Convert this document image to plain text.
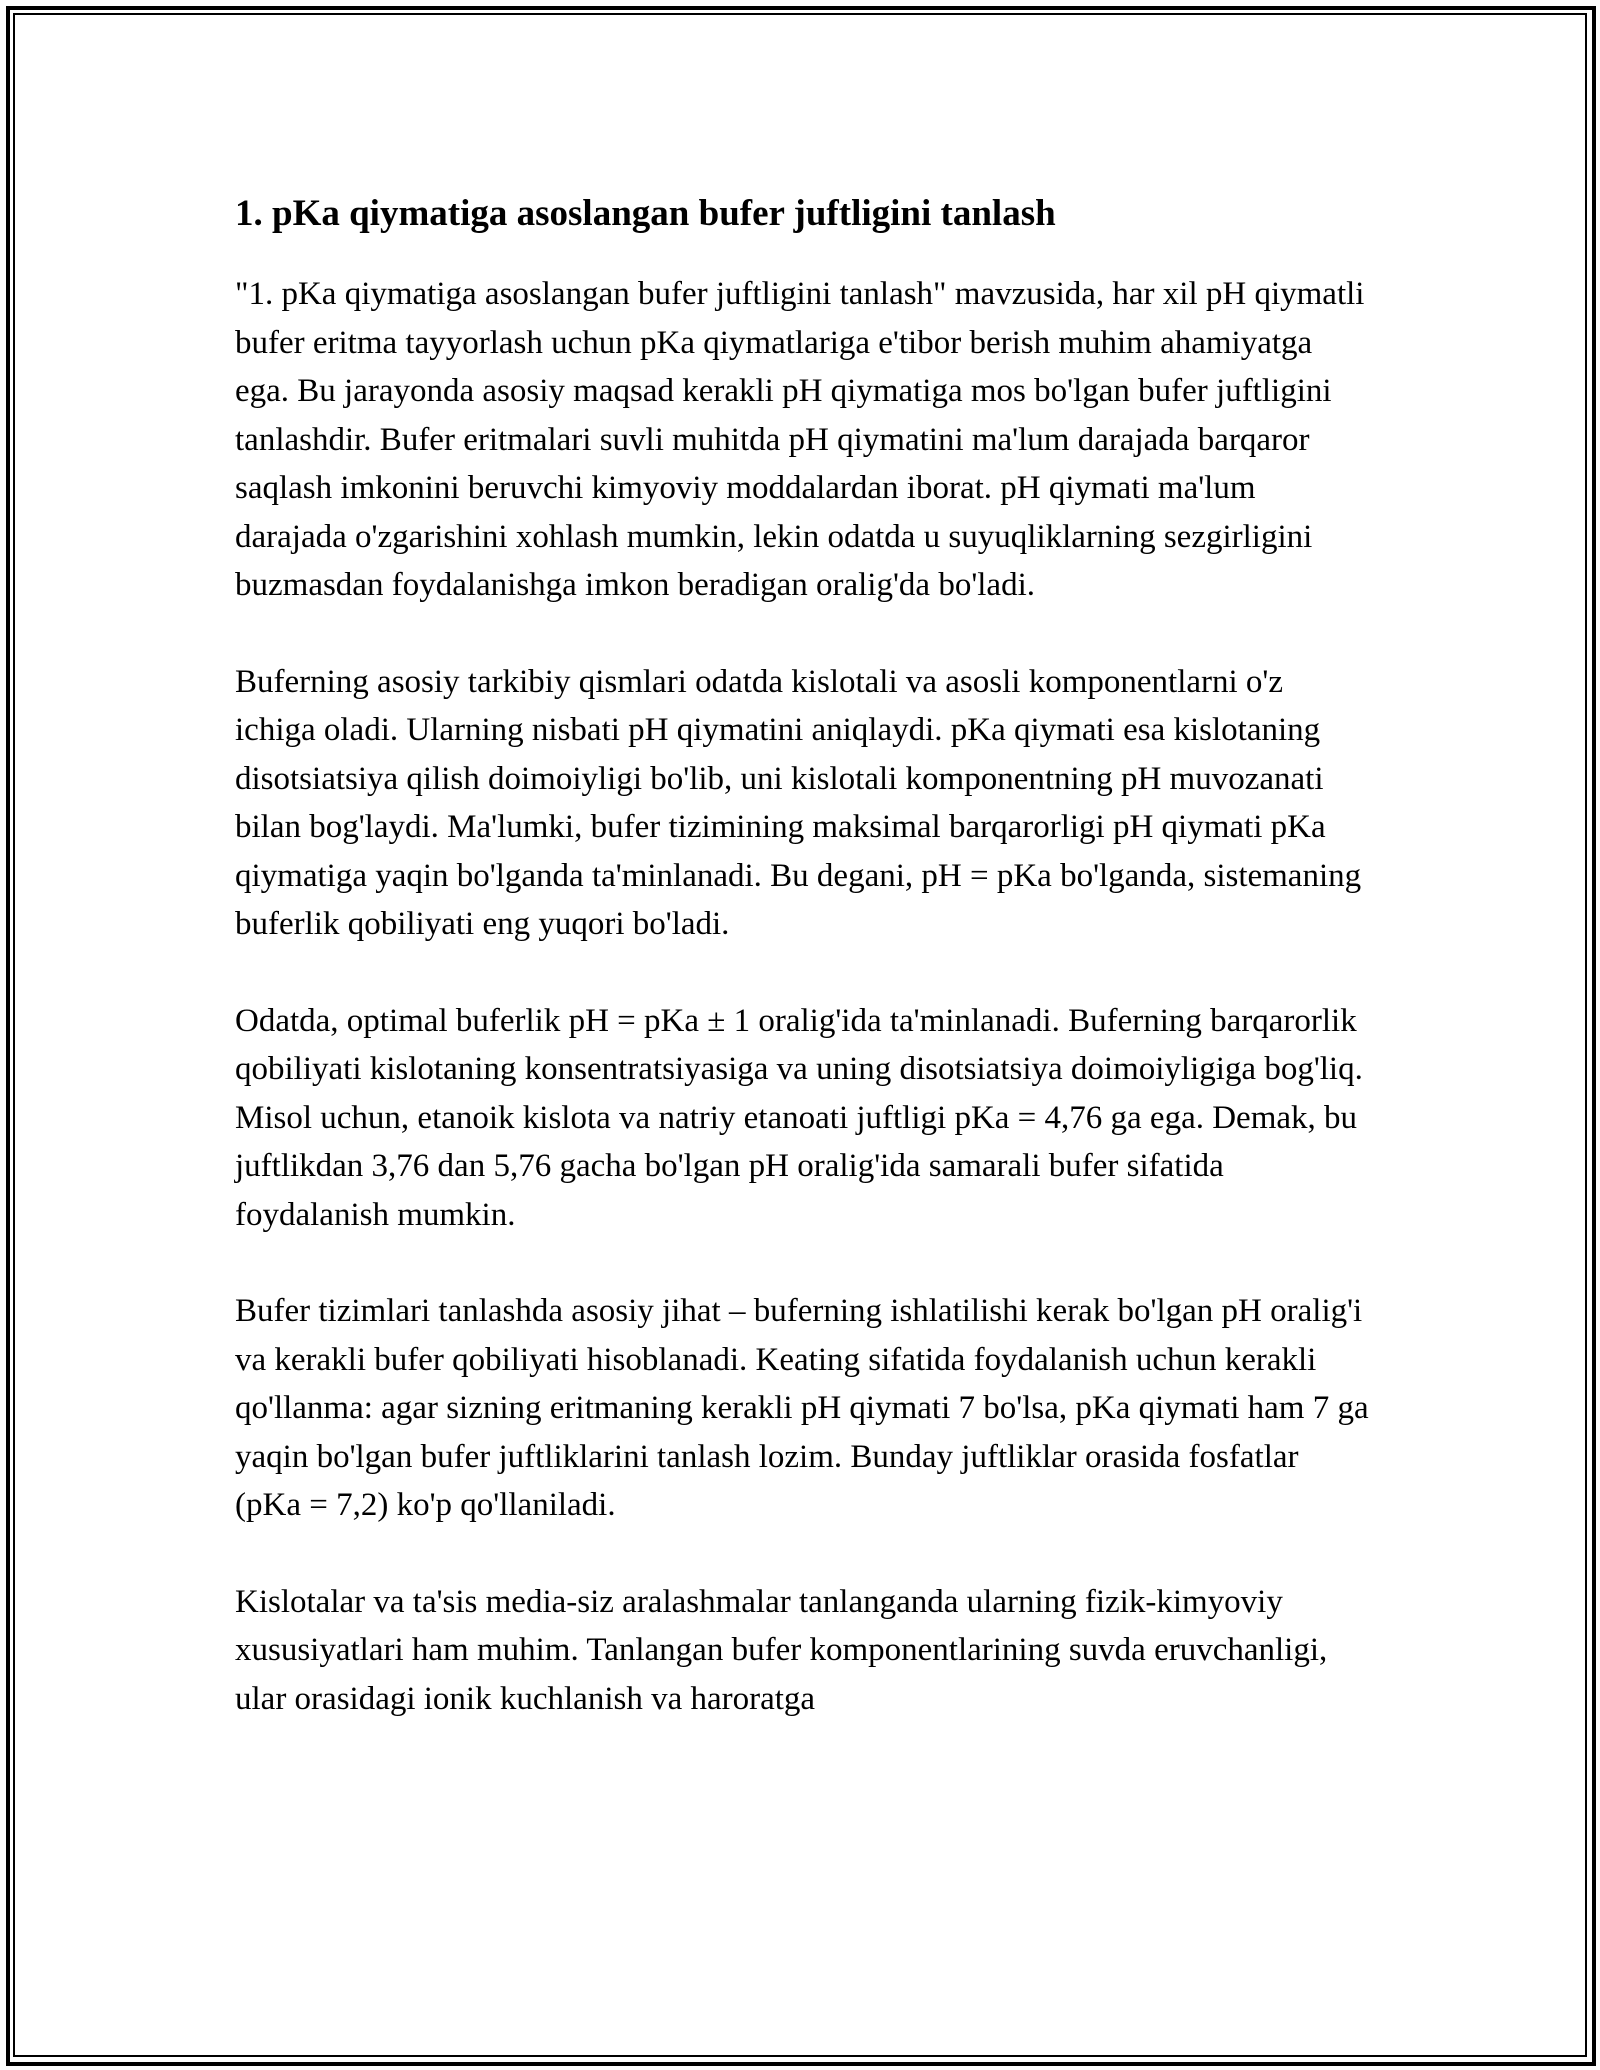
1. pKa qiymatiga asoslangan bufer juftligini tanlash

"1. pKa qiymatiga asoslangan bufer juftligini tanlash" mavzusida, har xil pH qiymatli bufer eritma tayyorlash uchun pKa qiymatlariga e'tibor berish muhim ahamiyatga ega. Bu jarayonda asosiy maqsad kerakli pH qiymatiga mos bo'lgan bufer juftligini tanlashdir. Bufer eritmalari suvli muhitda pH qiymatini ma'lum darajada barqaror saqlash imkonini beruvchi kimyoviy moddalardan iborat. pH qiymati ma'lum darajada o'zgarishini xohlash mumkin, lekin odatda u suyuqliklarning sezgirligini buzmasdan foydalanishga imkon beradigan oralig'da bo'ladi.

Buferning asosiy tarkibiy qismlari odatda kislotali va asosli komponentlarni o'z ichiga oladi. Ularning nisbati pH qiymatini aniqlaydi. pKa qiymati esa kislotaning disotsiatsiya qilish doimoiyligi bo'lib, uni kislotali komponentning pH muvozanati bilan bog'laydi. Ma'lumki, bufer tizimining maksimal barqarorligi pH qiymati pKa qiymatiga yaqin bo'lganda ta'minlanadi. Bu degani, pH = pKa bo'lganda, sistemaning buferlik qobiliyati eng yuqori bo'ladi.

Odatda, optimal buferlik pH = pKa ± 1 oralig'ida ta'minlanadi. Buferning barqarorlik qobiliyati kislotaning konsentratsiyasiga va uning disotsiatsiya doimoiyligiga bog'liq. Misol uchun, etanoik kislota va natriy etanoati juftligi pKa = 4,76 ga ega. Demak, bu juftlikdan 3,76 dan 5,76 gacha bo'lgan pH oralig'ida samarali bufer sifatida foydalanish mumkin.

Bufer tizimlari tanlashda asosiy jihat – buferning ishlatilishi kerak bo'lgan pH oralig'i va kerakli bufer qobiliyati hisoblanadi. Keating sifatida foydalanish uchun kerakli qo'llanma: agar sizning eritmaning kerakli pH qiymati 7 bo'lsa, pKa qiymati ham 7 ga yaqin bo'lgan bufer juftliklarini tanlash lozim. Bunday juftliklar orasida fosfatlar (pKa = 7,2) ko'p qo'llaniladi.

Kislotalar va ta'sis media-siz aralashmalar tanlanganda ularning fizik-kimyoviy xususiyatlari ham muhim. Tanlangan bufer komponentlarining suvda eruvchanligi, ular orasidagi ionik kuchlanish va haroratga
